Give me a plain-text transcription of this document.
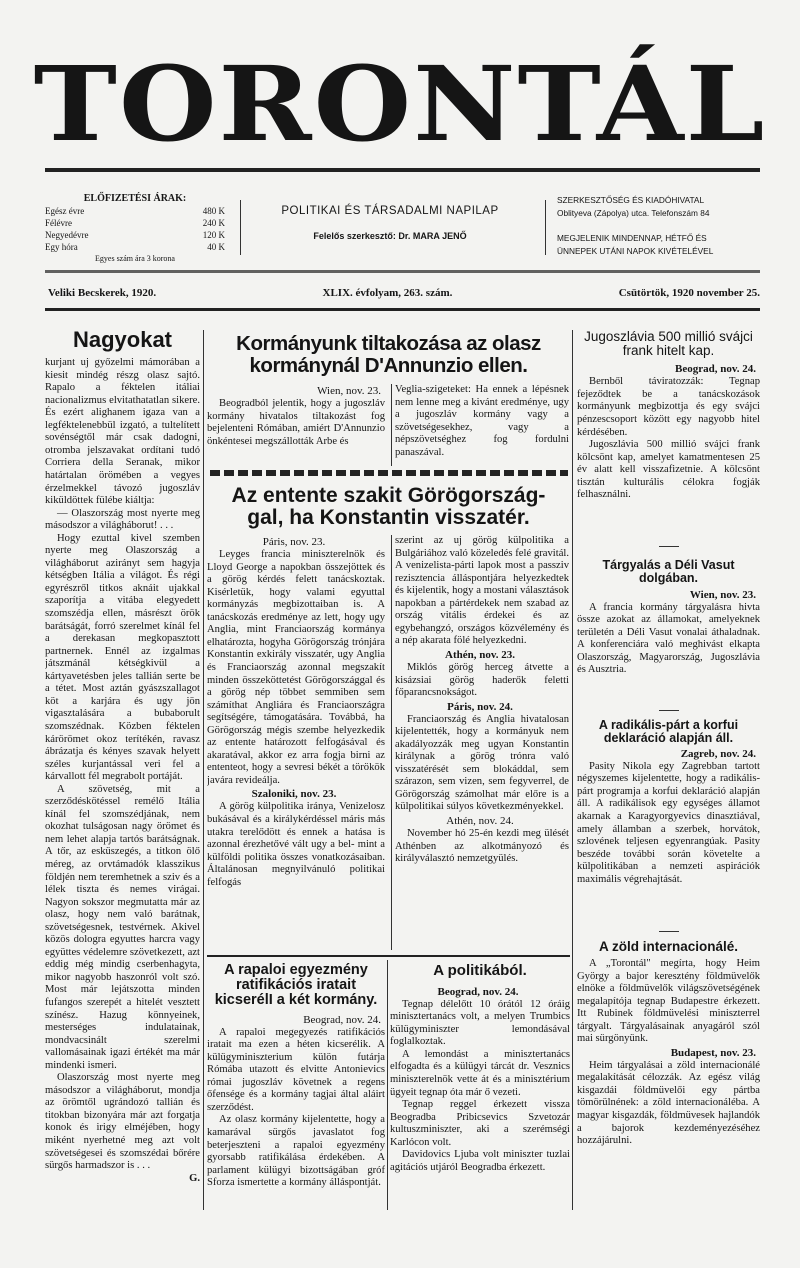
TORONTÁL
ELŐFIZETÉSI ÁRAK:
Egész évre	480 K
Félévre	240 K
Negyedévre	120 K
Egy hóra	40 K
Egyes szám ára 3 korona
POLITIKAI ÉS TÁRSADALMI NAPILAP
Felelős szerkesztő: Dr. MARA JENŐ
SZERKESZTŐSÉG ÉS KIADÓHIVATAL
Oblityeva (Zápolya) utca. Telefonszám 84
MEGJELENIK MINDENNAP, HÉTFŐ ÉS
ÜNNEPEK UTÁNI NAPOK KIVÉTELÉVEL
Veliki Becskerek, 1920.	XLIX. évfolyam, 263. szám.	Csütörtök, 1920 november 25.
Nagyokat

kurjant uj győzelmi mámorában a kiesit mindég részg olasz sajtó. Rapalo a féktelen itáliai nacionalizmus elvitathatatlan sikere. És ezért alighanem igaza van a legféktelenebbül izgató, a tultelített sovénségtől már csak dadogni, otromba jelszavakat ordítani tudó Corriera della Seranak, mikor határtalan örömében a vegyes érzelmekkel távozó jugoszláv kiküldöttek fülébe kiáltja:

— Olaszország most nyerte meg másodszor a világháborut! . . .

Hogy ezuttal kivel szemben nyerte meg Olaszország a világháborut azirányt sem hagyja kétségben Itália a világot. És régi egyrészről titkos aknáit ujakkal szaporítja a vitába elegyedett szomszédja ellen, másrészt örök barátságát, forró szerelmet kínál fel a derekasan megkopasztott partnernek. Ennél az izgalmas játszmánál kétségkivül a kártyavetésben jeles tallián serte be a tétet. Most aztán gyászszallagot köt a karjára és ugy jön vigasztalására a bubaborult szomszédnak. Közben féktelen kárörömet okoz terítékén, ravasz ábrázatja és kényes szavak helyett széles kurjantással veri fel a kárvallott fél megrabolt portáját.

A szövetség, mit a szerződéskötéssel remélő Itália kínál fel szomszédjának, nem okozhat tulságosan nagy örömet és nem lehet alapja tartós barátságnak. A tőr, az esküszegés, a titkon ölő méreg, az orvtámadók klasszikus földjén nem teremhetnek a sziv és a lélek tiszta és nemes virágai. Nagyon sokszor megmutatta már az olasz, hogy nem való barátnak, szövetségesnek, testvérnek. Akivel közös dologra egyuttes harcra vagy együttes védelemre szövetkezett, azt eddig még mindig cserbenhagyta, mikor nagyobb haszonról volt szó. Most már lejátszotta minden fufangos szerepét a hitelét vesztett színész. Hazug könnyeinek, mesterséges indulatainak, mondvacsinált szerelmi vallomásainak igazi értékét ma már mindenki ismeri.

Olaszország most nyerte meg másodszor a világháborut, mondja az örömtől ugrándozó tallián és titokban bizonyára már azt forgatja konok és irigy elméjében, hogy miként nyerhetné meg azt volt szövetségesei és szomszédai bőrére sürgős harmadszor is . . .

G.
Kormányunk tiltakozása az olasz kormánynál D'Annunzio ellen.
Wien, nov. 23.

Beogradból jelentik, hogy a jugoszláv kormány hivatalos tiltakozást fog bejelenteni Rómában, amiért D'Annunzio önkéntesei megszállották Arbe és

Veglia-szigeteket: Ha ennek a lépésnek nem lenne meg a kivánt eredménye, ugy a jugoszláv kormány vagy a szövetségesekhez, vagy a népszövetséghez fog fordulni panaszával.

Az entente szakit Görögország-gal, ha Konstantin visszatér.
Páris, nov. 23.

Leyges francia miniszterelnök és Lloyd George a napokban összejöttek és a görög kérdés felett tanácskoztak. Kisérletük, hogy valami egyuttal kormányzás megbizottaiban is. A tanácskozás eredménye az lett, hogy ugy Anglia, mint Franciaország kormánya elhatározta, hogyha Görögország trónjára Konstantin exkirály visszatér, ugy Anglia és Franciaország azonnal megszakít minden összeköttetést Görögországgal és a görög nép többet semmiben sem számíthat Angliára és Franciaországra segítségére, támogatására. Továbbá, ha Görögország mégis szembe helyezkedik az entente határozott felfogásával és akaratával, akkor ez arra fogja birni az ententeot, hogy a sevresi békét a törökök javára revideálja.

Szaloniki, nov. 23.

A görög külpolitika iránya, Venizelosz bukásával és a királykérdéssel máris más utakra terelődött és ennek a hatása is azonnal érezhetővé vált ugy a bel- mint a külföldi politika összes vonatkozásaiban. Általánosan megnyilvánuló politikai felfogás

szerint az uj görög külpolitika a Bulgáriához való közeledés felé gravitál. A venizelista-párti lapok most a passziv rezisztencia álláspontjára helyezkedtek és kijelentik, hogy a mostani választások napokban a pártérdekek nem szabad az ország vitális érdekei és az egybehangzó, országos közvélemény és a nép akarata fölé helyezkedni.

Athén, nov. 23.

Miklós görög herceg átvette a kisázsiai görög haderők feletti főparancsnokságot.

Páris, nov. 24.

Franciaország és Anglia hivatalosan kijelentették, hogy a kormányuk nem akadályozzák meg ugyan Konstantin királynak a görög trónra való visszatérését sem blokáddal, sem szárazon, sem vizen, sem fegyverrel, de Görögország számolhat már előre is a külpolitikai súlyos következményekkel.

Athén, nov. 24.

November hó 25-én kezdi meg ülését Athénben az alkotmányozó és királyválasztó nemzetgyülés.

A rapaloi egyezmény ratifikációs iratait kicserélI a két kormány.
Beograd, nov. 24.

A rapaloi megegyezés ratifikációs iratait ma ezen a héten kicserélik. A külügyminiszterium külön futárja Rómába utazott és elvitte Antonievics római jugoszláv követnek a regens őfensége és a kormány tagjai által aláirt szerződést.

Az olasz kormány kijelentette, hogy a kamarával sürgős javaslatot fog beterjeszteni a rapaloi egyezmény gyorsabb ratifikálása érdekében. A parlament külügyi bizottságában gróf Sforza ismertette a kormány álláspontját.

A politikából.
Beograd, nov. 24.

Tegnap délelőtt 10 órától 12 óráig minisztertanács volt, a melyen Trumbics külügyminiszter lemondásával foglalkoztak.

A lemondást a minisztertanács elfogadta és a külügyi tárcát dr. Vesznics miniszterelnök vette át és a minisztérium ügyeit tegnap óta már ő vezeti.

Tegnap reggel érkezett vissza Beogradba Pribicsevics Szvetozár kultuszminiszter, aki a szerémségi Karlócon volt.

Davidovics Ljuba volt miniszter tuzlai agitációs utjáról Beogradba érkezett.

Jugoszlávia 500 millió svájci frank hitelt kap.
Beograd, nov. 24.

Bernből táviratozzák: Tegnap fejeződtek be a tanácskozások kormányunk megbizottja és egy svájci pénzescsoport között egy nagyobb hitel kérdésében.

Jugoszlávia 500 millió svájci frank kölcsönt kap, amelyet kamatmentesen 25 év alatt kell visszafizetnie. A kölcsönt tisztán kulturális célokra fogják felhasználni.

Tárgyalás a Déli Vasut dolgában.
Wien, nov. 23.

A francia kormány tárgyalásra hivta össze azokat az államokat, amelyeknek területén a Déli Vasut vonalai áthaladnak. A konferenciára való meghivást elkapta Olaszország, Magyarország, Jugoszlávia és Ausztria.

A radikális-párt a korfui deklaráció alapján áll.
Zagreb, nov. 24.

Pasity Nikola egy Zagrebban tartott négyszemes kijelentette, hogy a radikális-párt programja a korfui deklaráció alapján áll. A radikálisok egy egységes államot akarnak a Karagyorgyevics dinasztiával, amely államban a szerbek, horvátok, szlovének teljesen egyenrangúak. Pasity beszéde további során követelte a külpolitikában a nemzeti aspirációk maximális végrehajtását.

A zöld internacionálé.

A „Torontál" megírta, hogy Heim György a bajor keresztény földmüvelők elnöke a földmüvelők világszövetségének megalapítója tegnap Budapestre érkezett. Itt Rubinek földmüvelési miniszterrel tárgyalt. Tárgyalásainak anyagáról szól mai sürgönyünk.

Budapest, nov. 23.

Heim tárgyalásai a zöld internacionálé megalakítását célozzák. Az egész világ kisgazdái földmüvelői egy pártba tömörülnének: a zöld internacionáléba. A magyar kisgazdák, földmüvesek hajlandók a bajorok kezdeményezéséhez hozzájárulni.
